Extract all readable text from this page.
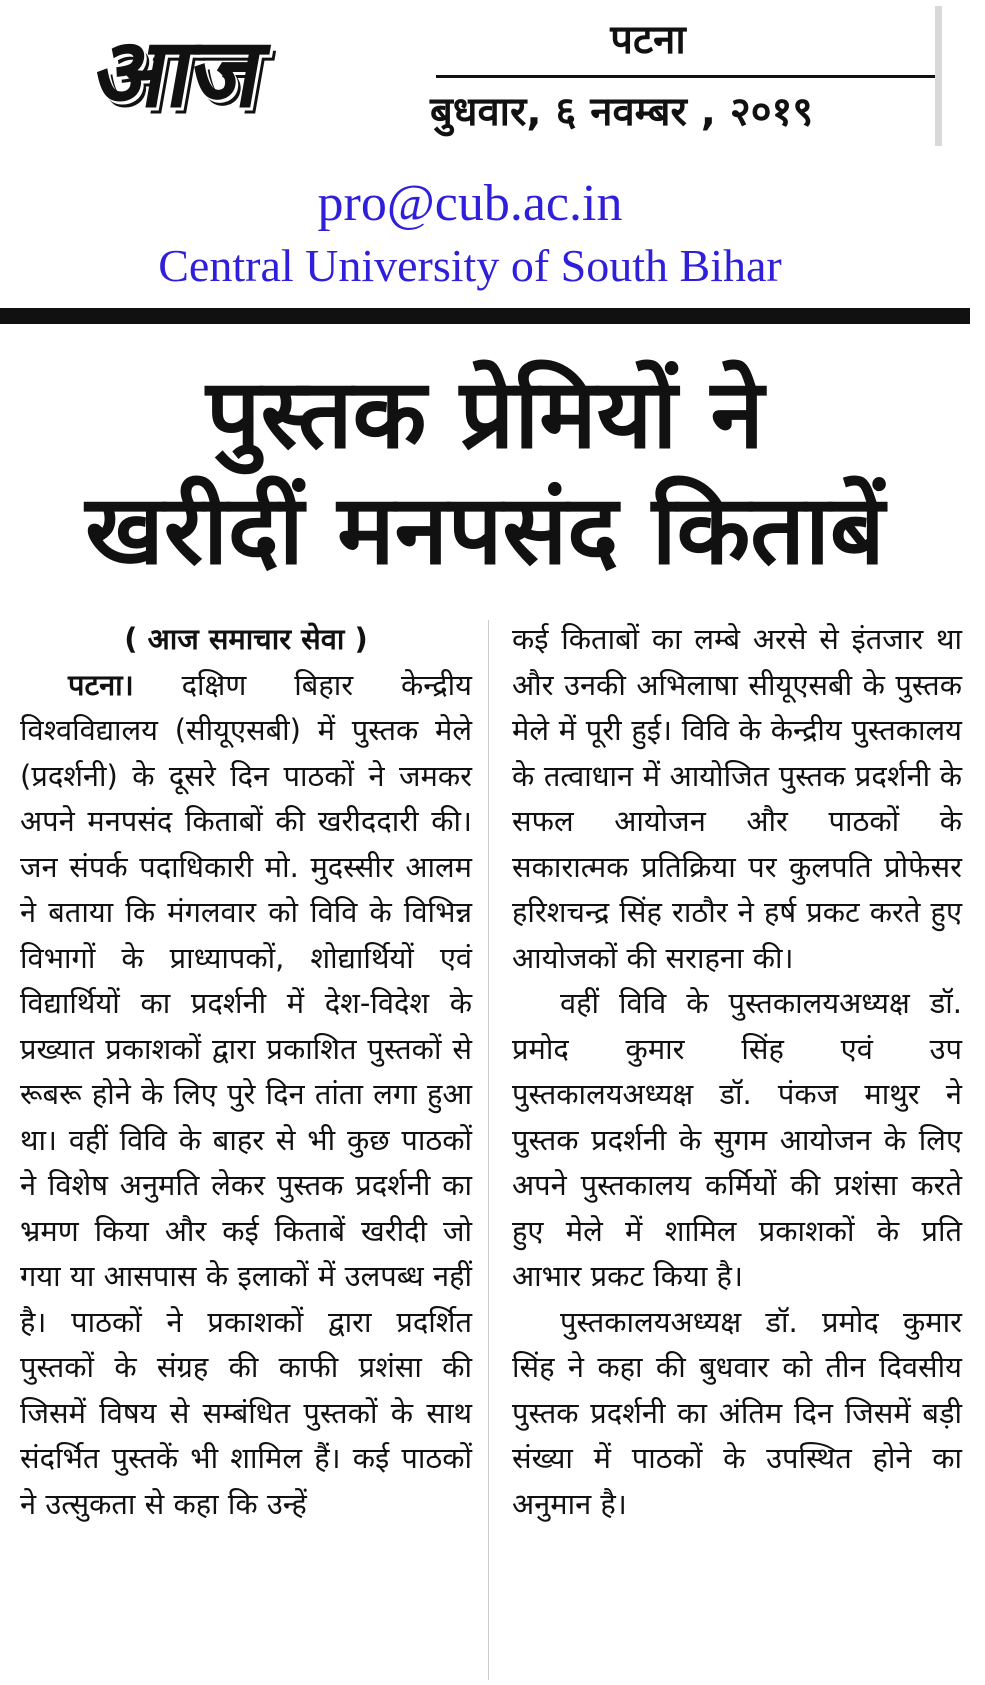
आज	पटना
बुधवार, ६ नवम्बर , २०१९
pro@cub.ac.in
Central University of South Bihar
पुस्तक प्रेमियों ने
खरीदीं मनपसंद किताबें

( आज समाचार सेवा )

पटना। दक्षिण बिहार केन्द्रीय विश्वविद्यालय (सीयूएसबी) में पुस्तक मेले (प्रदर्शनी) के दूसरे दिन पाठकों ने जमकर अपने मनपसंद किताबों की खरीददारी की। जन संपर्क पदाधिकारी मो. मुदस्सीर आलम ने बताया कि मंगलवार को विवि के विभिन्न विभागों के प्राध्यापकों, शोद्यार्थियों एवं विद्यार्थियों का प्रदर्शनी में देश-विदेश के प्रख्यात प्रकाशकों द्वारा प्रकाशित पुस्तकों से रूबरू होने के लिए पुरे दिन तांता लगा हुआ था। वहीं विवि के बाहर से भी कुछ पाठकों ने विशेष अनुमति लेकर पुस्तक प्रदर्शनी का भ्रमण किया और कई किताबें खरीदी जो गया या आसपास के इलाकों में उलपब्ध नहीं है। पाठकों ने प्रकाशकों द्वारा प्रदर्शित पुस्तकों के संग्रह की काफी प्रशंसा की जिसमें विषय से सम्बंधित पुस्तकों के साथ संदर्भित पुस्तकें भी शामिल हैं। कई पाठकों ने उत्सुकता से कहा कि उन्हें

कई किताबों का लम्बे अरसे से इंतजार था और उनकी अभिलाषा सीयूएसबी के पुस्तक मेले में पूरी हुई। विवि के केन्द्रीय पुस्तकालय के तत्वाधान में आयोजित पुस्तक प्रदर्शनी के सफल आयोजन और पाठकों के सकारात्मक प्रतिक्रिया पर कुलपति प्रोफेसर हरिशचन्द्र सिंह राठौर ने हर्ष प्रकट करते हुए आयोजकों की सराहना की।

वहीं विवि के पुस्तकालयअध्यक्ष डॉ. प्रमोद कुमार सिंह एवं उप पुस्तकालयअध्यक्ष डॉ. पंकज माथुर ने पुस्तक प्रदर्शनी के सुगम आयोजन के लिए अपने पुस्तकालय कर्मियों की प्रशंसा करते हुए मेले में शामिल प्रकाशकों के प्रति आभार प्रकट किया है।

पुस्तकालयअध्यक्ष डॉ. प्रमोद कुमार सिंह ने कहा की बुधवार को तीन दिवसीय पुस्तक प्रदर्शनी का अंतिम दिन जिसमें बड़ी संख्या में पाठकों के उपस्थित होने का अनुमान है।
